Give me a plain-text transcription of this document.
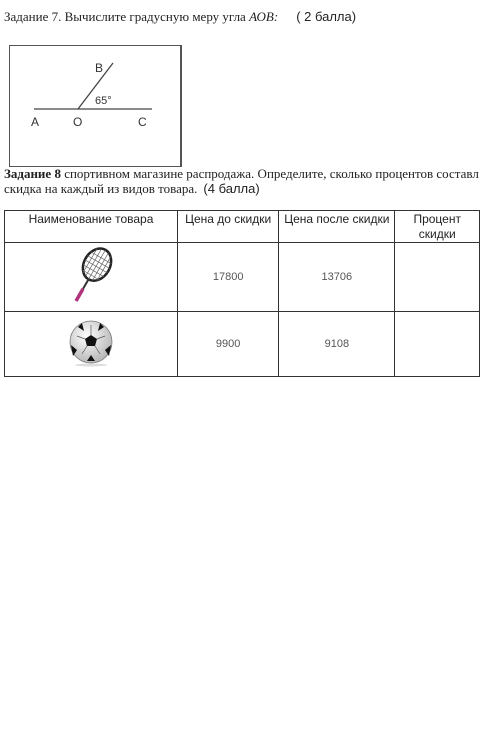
Задание 7. Вычислите градусную меру угла АОВ: ( 2 балла)
В
65°
А	О	С
Задание 8 спортивном магазине распродажа. Определите, сколько процентов составл
скидка на каждый из видов товара. (4 балла)
Наименование товара	Цена до скидки	Цена после скидки	Процент скидки
	17800	13706	
	9900	9108	
